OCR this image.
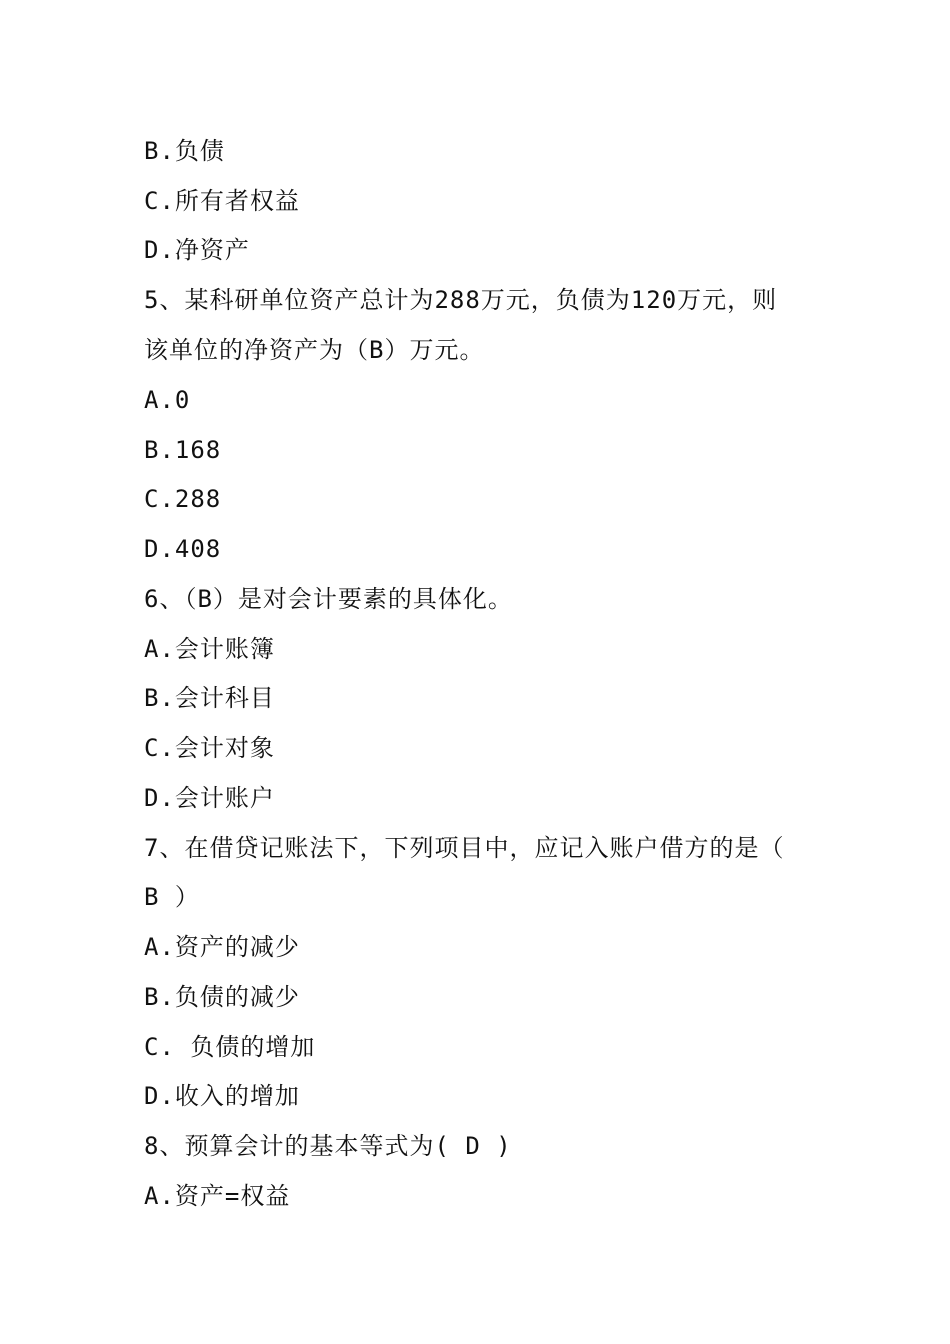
B.负债
C.所有者权益
D.净资产
5、某科研单位资产总计为288万元，负债为120万元，则
该单位的净资产为（B）万元。
A.0
B.168
C.288
D.408
6、（B）是对会计要素的具体化。
A.会计账簿
B.会计科目
C.会计对象
D.会计账户
7、在借贷记账法下，下列项目中，应记入账户借方的是（
B ）
A.资产的减少
B.负债的减少
C. 负债的增加
D.收入的增加
8、预算会计的基本等式为( D )
A.资产=权益
